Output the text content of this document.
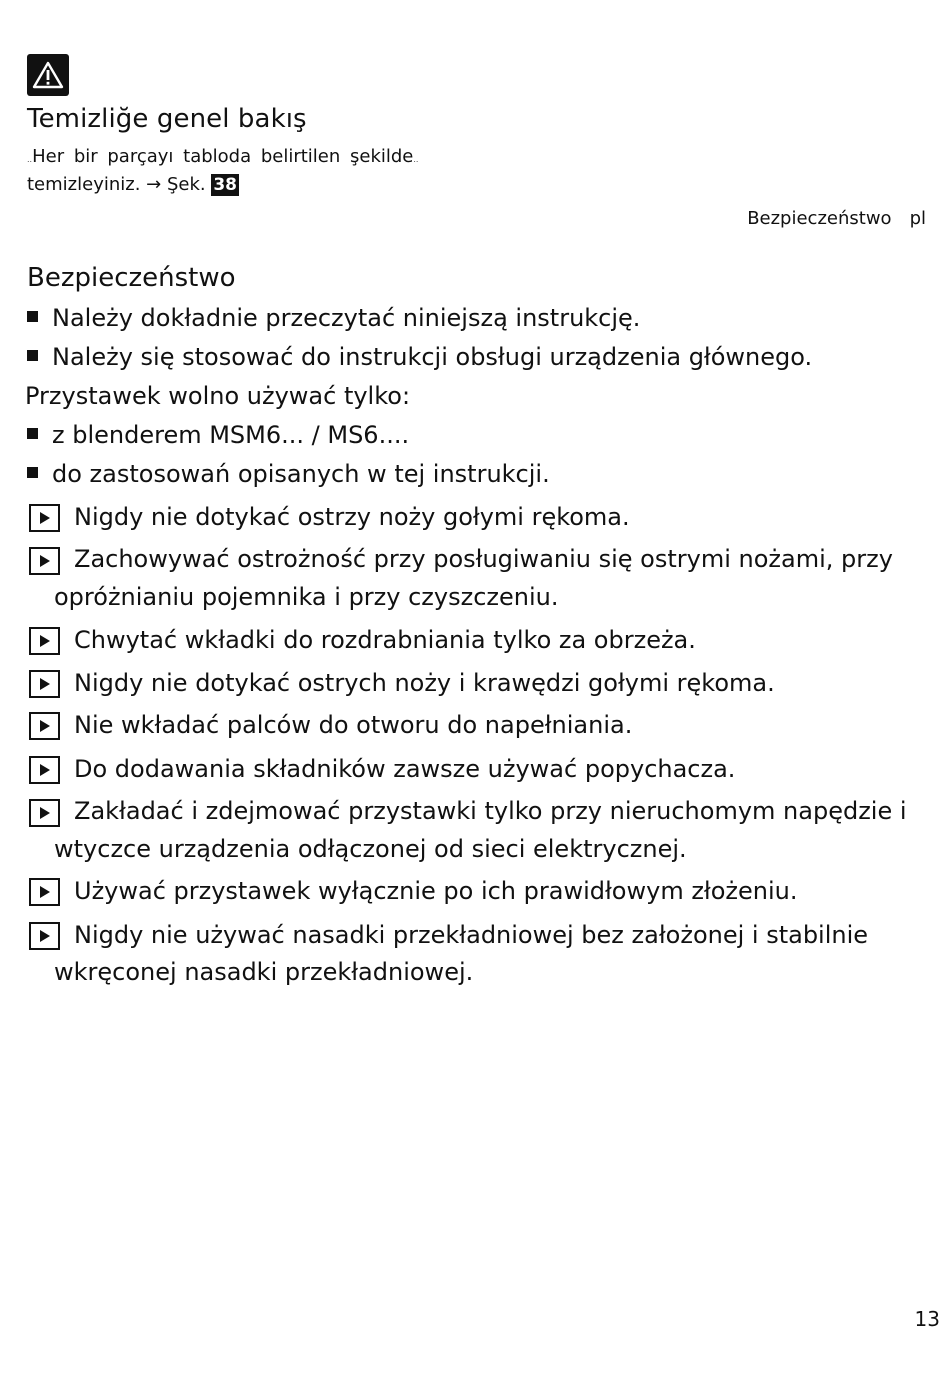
Temizliğe genel bakış
..Her bir parçayı tabloda belirtilen şekilde..
temizleyiniz. → Şek. 38
Bezpieczeństwo pl
Bezpieczeństwo
Należy dokładnie przeczytać niniejszą instrukcję.
Należy się stosować do instrukcji obsługi urządzenia głównego.
Przystawek wolno używać tylko:
z blenderem MSM6... / MS6....
do zastosowań opisanych w tej instrukcji.
Nigdy nie dotykać ostrzy noży gołymi rękoma.
Zachowywać ostrożność przy posługiwaniu się ostrymi nożami, przy
opróżnianiu pojemnika i przy czyszczeniu.
Chwytać wkładki do rozdrabniania tylko za obrzeża.
Nigdy nie dotykać ostrych noży i krawędzi gołymi rękoma.
Nie wkładać palców do otworu do napełniania.
Do dodawania składników zawsze używać popychacza.
Zakładać i zdejmować przystawki tylko przy nieruchomym napędzie i
wtyczce urządzenia odłączonej od sieci elektrycznej.
Używać przystawek wyłącznie po ich prawidłowym złożeniu.
Nigdy nie używać nasadki przekładniowej bez założonej i stabilnie
wkręconej nasadki przekładniowej.
13
